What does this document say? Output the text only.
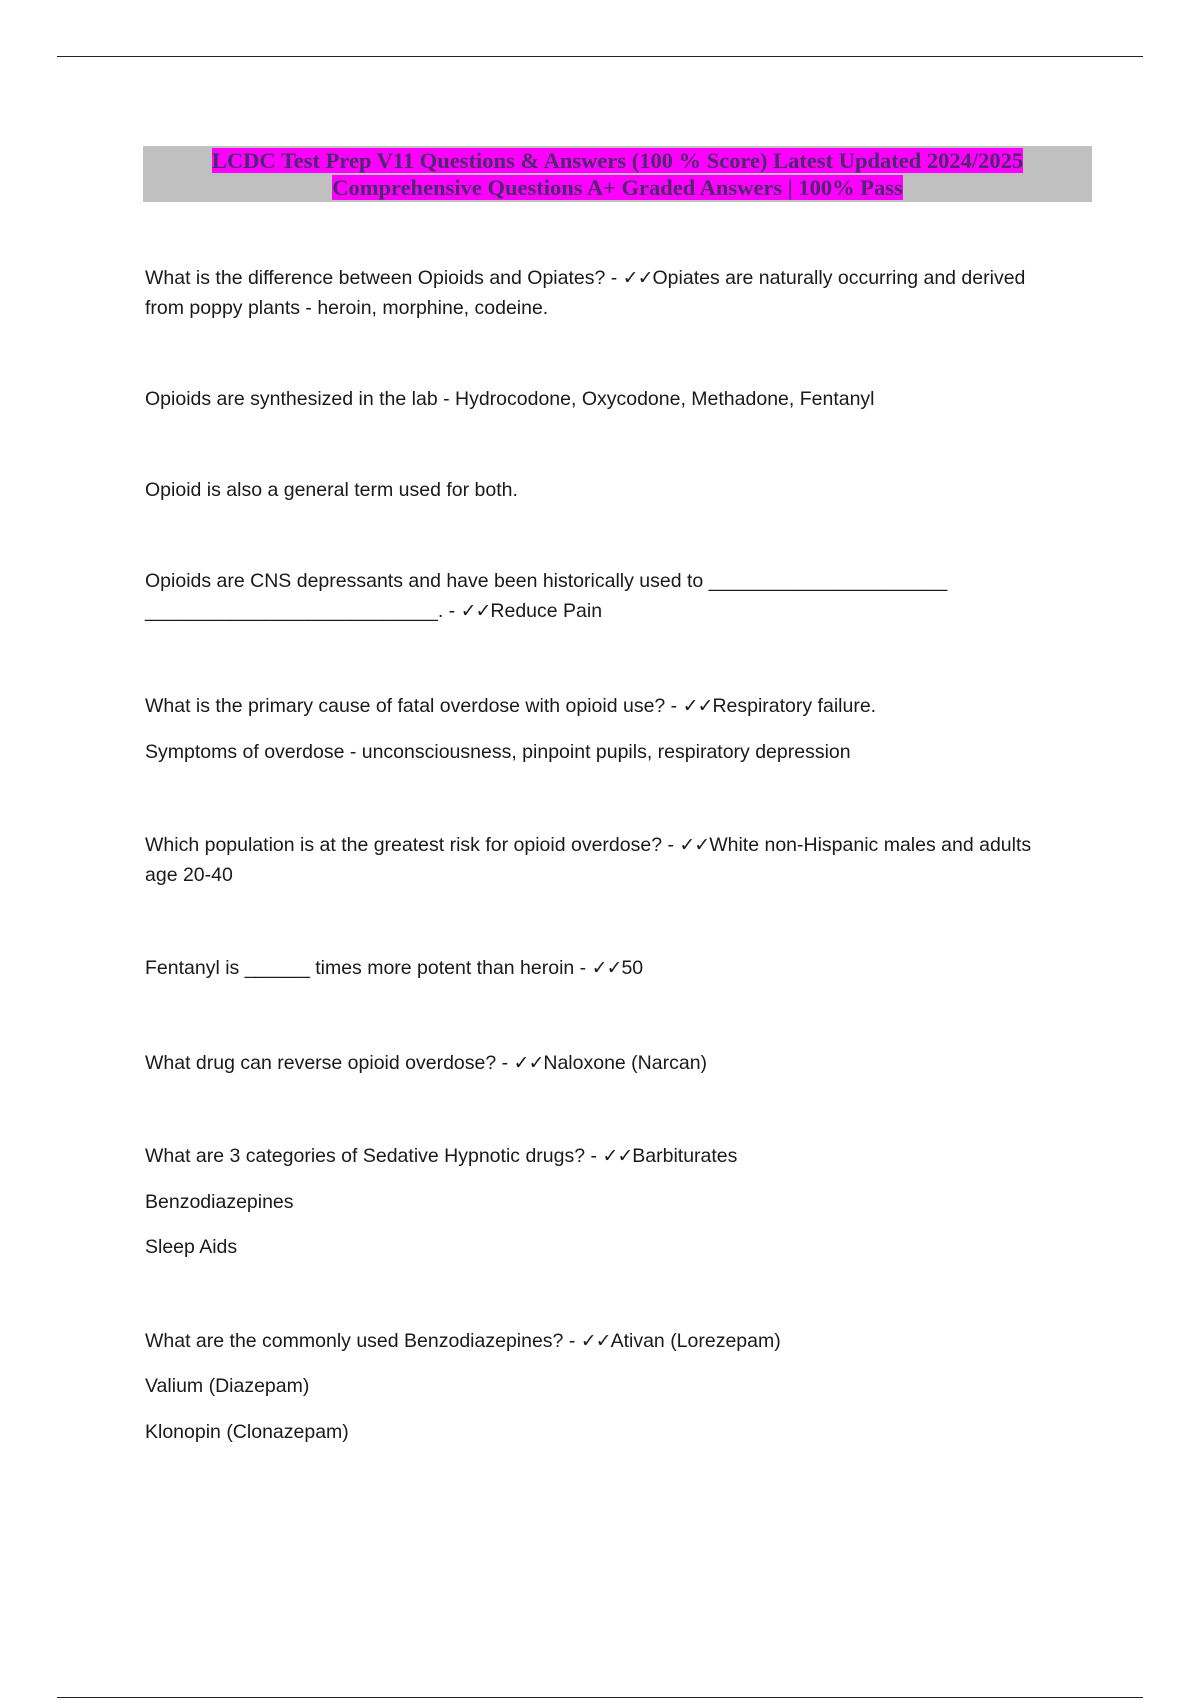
LCDC Test Prep V11 Questions & Answers (100 % Score) Latest Updated 2024/2025
Comprehensive Questions A+ Graded Answers | 100% Pass

What is the difference between Opioids and Opiates? - ✓✓Opiates are naturally occurring and derived
from poppy plants - heroin, morphine, codeine.

Opioids are synthesized in the lab - Hydrocodone, Oxycodone, Methadone, Fentanyl

Opioid is also a general term used for both.

Opioids are CNS depressants and have been historically used to ______________________
___________________________. - ✓✓Reduce Pain

What is the primary cause of fatal overdose with opioid use? - ✓✓Respiratory failure.

Symptoms of overdose - unconsciousness, pinpoint pupils, respiratory depression

Which population is at the greatest risk for opioid overdose? - ✓✓White non-Hispanic males and adults
age 20-40

Fentanyl is ______ times more potent than heroin - ✓✓50

What drug can reverse opioid overdose? - ✓✓Naloxone (Narcan)

What are 3 categories of Sedative Hypnotic drugs? - ✓✓Barbiturates

Benzodiazepines

Sleep Aids

What are the commonly used Benzodiazepines? - ✓✓Ativan (Lorezepam)

Valium (Diazepam)

Klonopin (Clonazepam)
